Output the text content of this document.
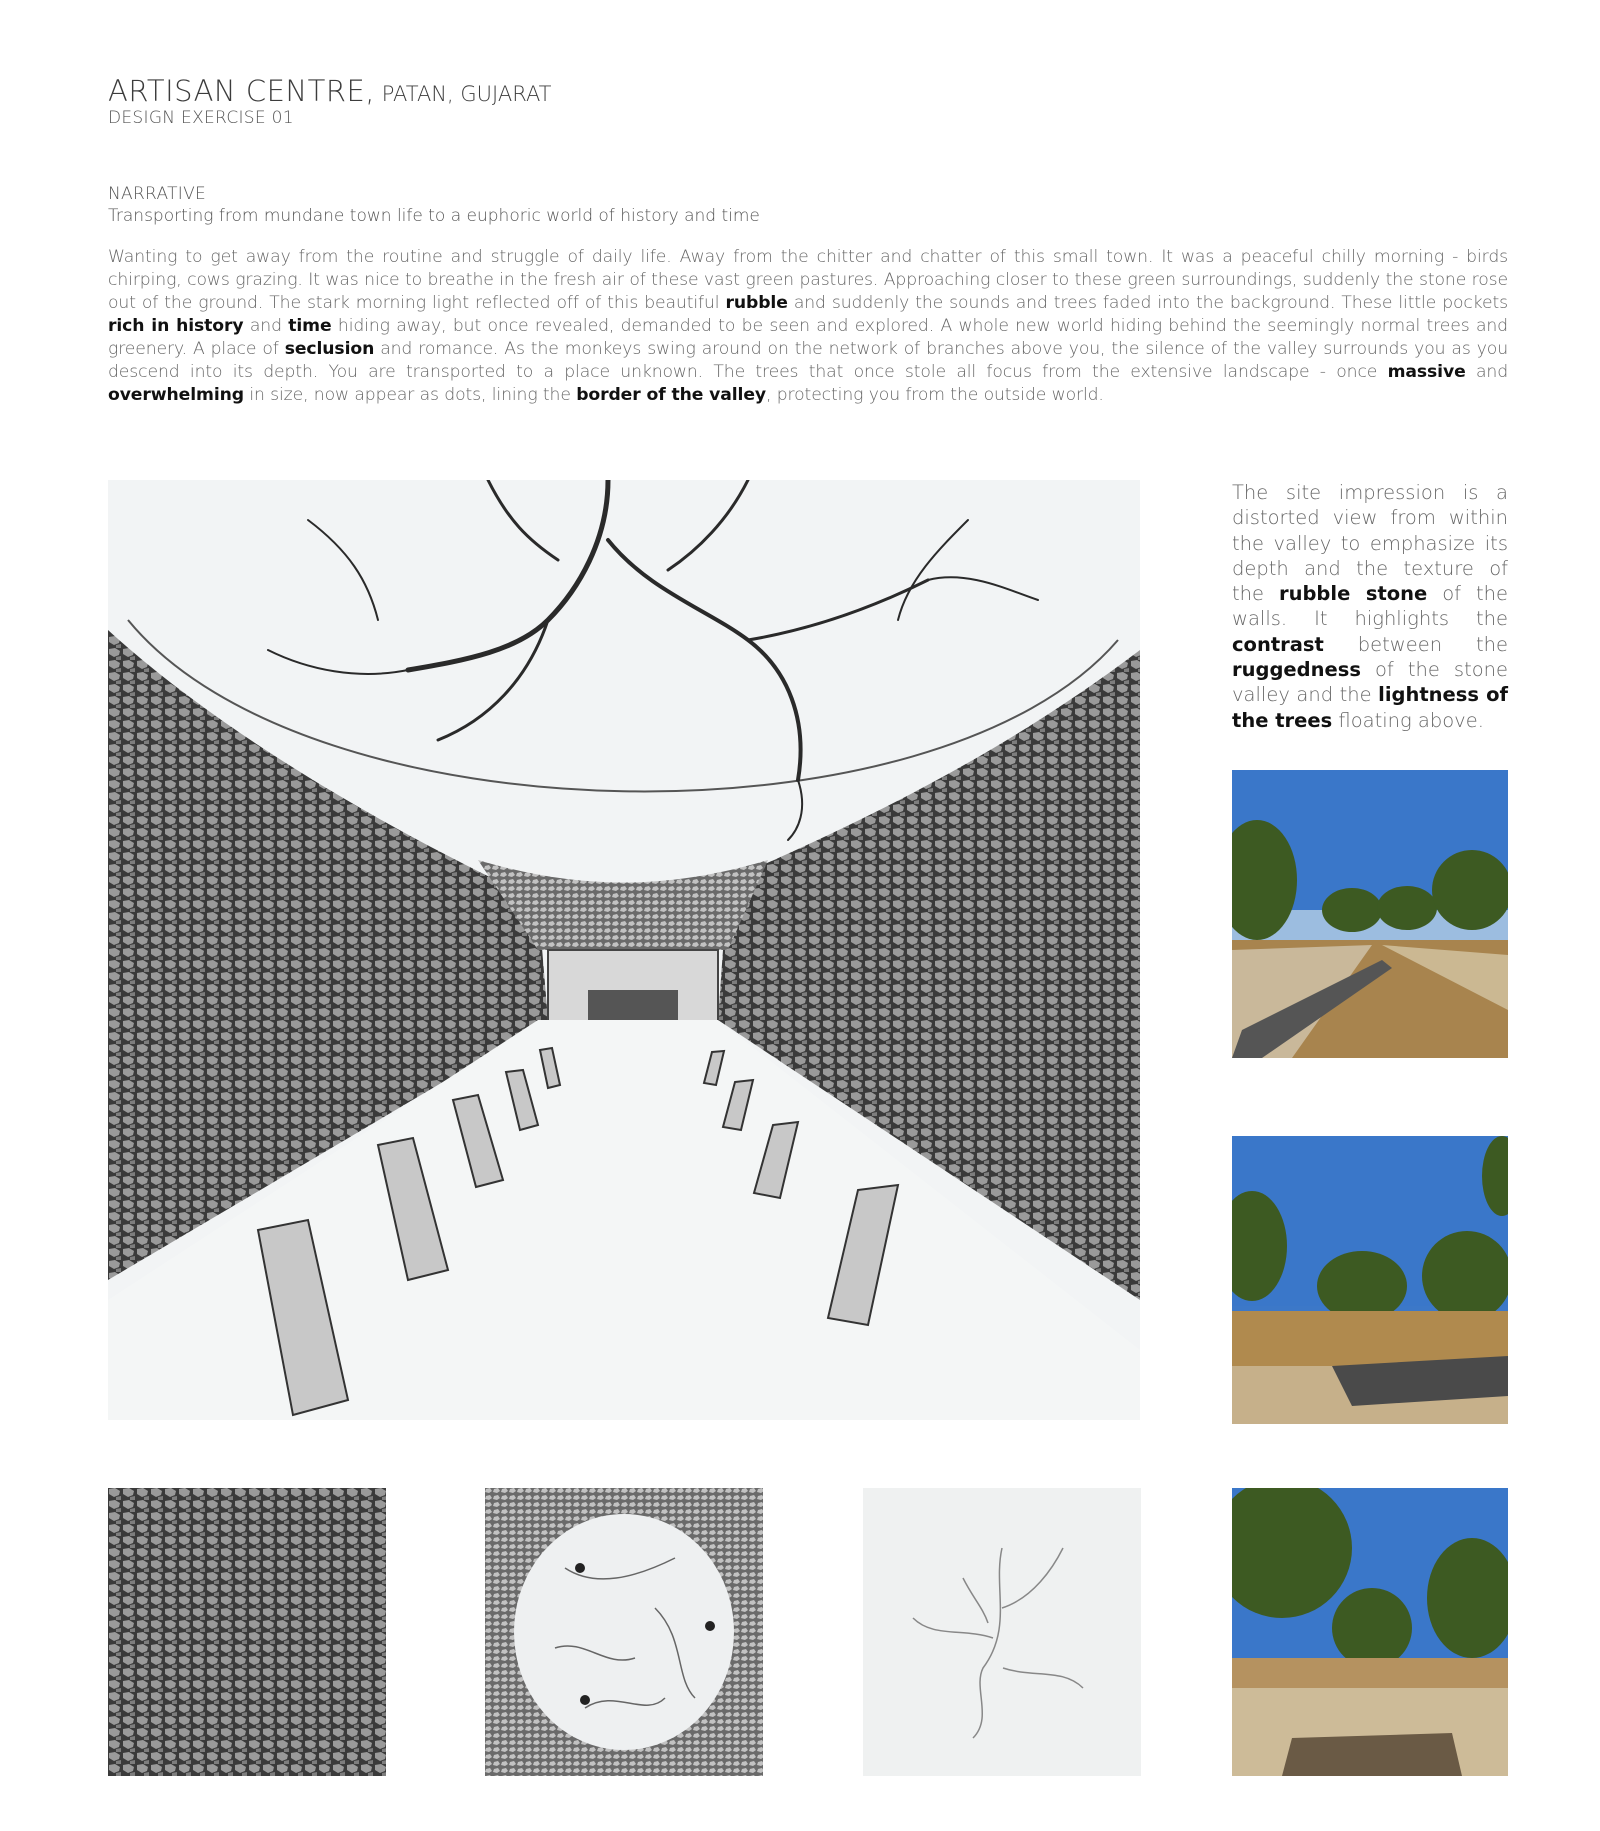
ARTISAN CENTRE, PATAN, GUJARAT
DESIGN EXERCISE 01
NARRATIVE
Transporting from mundane town life to a euphoric world of history and time
Wanting to get away from the routine and struggle of daily life. Away from the chitter and chatter of this small town. It was a peaceful chilly morning - birds chirping, cows grazing. It was nice to breathe in the fresh air of these vast green pastures. Approaching closer to these green surroundings, suddenly the stone rose out of the ground. The stark morning light reflected off of this beautiful rubble and suddenly the sounds and trees faded into the background. These little pockets rich in history and time hiding away, but once revealed, demanded to be seen and explored. A whole new world hiding behind the seemingly normal trees and greenery. A place of seclusion and romance. As the monkeys swing around on the network of branches above you, the silence of the valley surrounds you as you descend into its depth. You are transported to a place unknown. The trees that once stole all focus from the extensive landscape - once massive and overwhelming in size, now appear as dots, lining the border of the valley, protecting you from the outside world.
The site impression is a distorted view from within the valley to emphasize its depth and the texture of the rubble stone of the walls. It highlights the contrast between the ruggedness of the stone valley and the lightness of the trees floating above.
